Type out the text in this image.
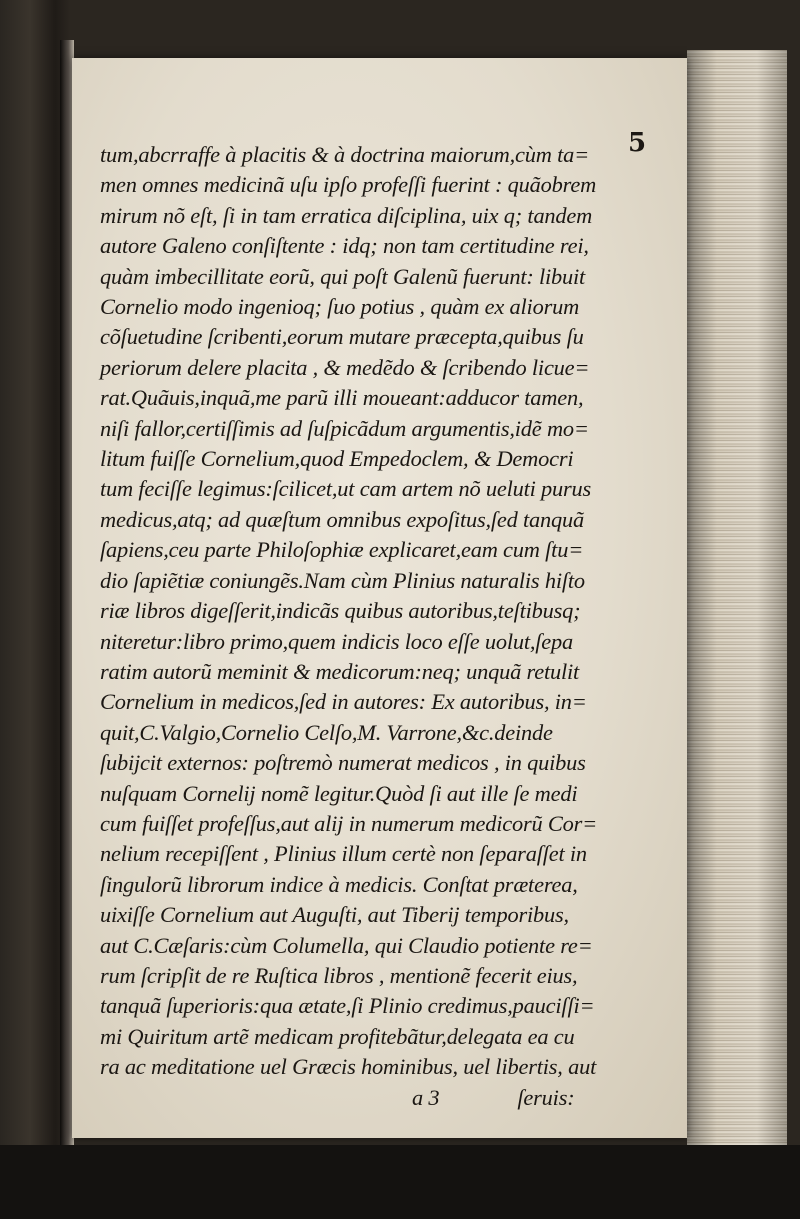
5
tum,abcrraffe à placitis & à doctrina maiorum,cùm ta=
men omnes medicinã uſu ipſo profeſſi fuerint : quãobrem
mirum nõ eſt, ſi in tam erratica diſciplina, uix q; tandem
autore Galeno conſiſtente : idq; non tam certitudine rei,
quàm imbecillitate eorũ, qui poſt Galenũ fuerunt: libuit
Cornelio modo ingenioq; ſuo potius , quàm ex aliorum
cõſuetudine ſcribenti,eorum mutare præcepta,quibus ſu
periorum delere placita , & medẽdo & ſcribendo licue=
rat.Quãuis,inquã,me parũ illi moueant:adducor tamen,
niſi fallor,certiſſimis ad ſuſpicãdum argumentis,idẽ mo=
litum fuiſſe Cornelium,quod Empedoclem, & Democri
tum feciſſe legimus:ſcilicet,ut cam artem nõ ueluti purus
medicus,atq; ad quæſtum omnibus expoſitus,ſed tanquã
ſapiens,ceu parte Philoſophiæ explicaret,eam cum ſtu=
dio ſapiẽtiæ coniungẽs.Nam cùm Plinius naturalis hiſto
riæ libros digeſſerit,indicãs quibus autoribus,teſtibusq;
niteretur:libro primo,quem indicis loco eſſe uolut,ſepa
ratim autorũ meminit & medicorum:neq; unquã retulit
Cornelium in medicos,ſed in autores: Ex autoribus, in=
quit,C.Valgio,Cornelio Celſo,M. Varrone,&c.deinde
ſubijcit externos: poſtremò numerat medicos , in quibus
nuſquam Cornelij nomẽ legitur.Quòd ſi aut ille ſe medi
cum fuiſſet profeſſus,aut alij in numerum medicorũ Cor=
nelium recepiſſent , Plinius illum certè non ſeparaſſet in
ſingulorũ librorum indice à medicis. Conſtat præterea,
uixiſſe Cornelium aut Auguſti, aut Tiberij temporibus,
aut C.Cæſaris:cùm Columella, qui Claudio potiente re=
rum ſcripſit de re Ruſtica libros , mentionẽ fecerit eius,
tanquã ſuperioris:qua ætate,ſi Plinio credimus,pauciſſi=
mi Quiritum artẽ medicam profitebãtur,delegata ea cu
ra ac meditatione uel Græcis hominibus, uel libertis, aut
a 3	ſeruis:
